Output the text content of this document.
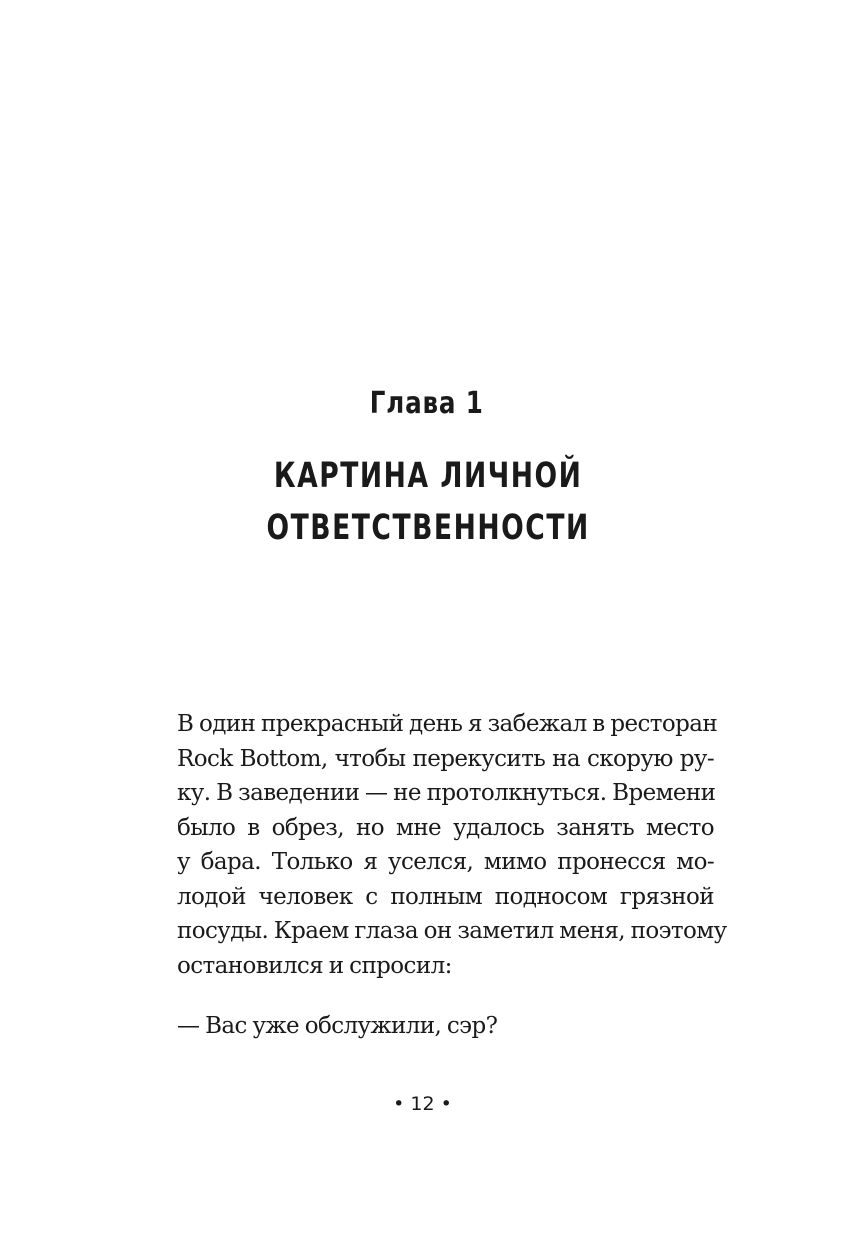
Глава 1
КАРТИНА ЛИЧНОЙ
ОТВЕТСТВЕННОСТИ
В один прекрасный день я забежал в ресторан
Rock Bottom, чтобы перекусить на скорую ру-
ку. В заведении — не протолкнуться. Времени
было в обрез, но мне удалось занять место
у бара. Только я уселся, мимо пронесся мо-
лодой человек с полным подносом грязной
посуды. Краем глаза он заметил меня, поэтому
остановился и спросил:
— Вас уже обслужили, сэр?
• 12 •
